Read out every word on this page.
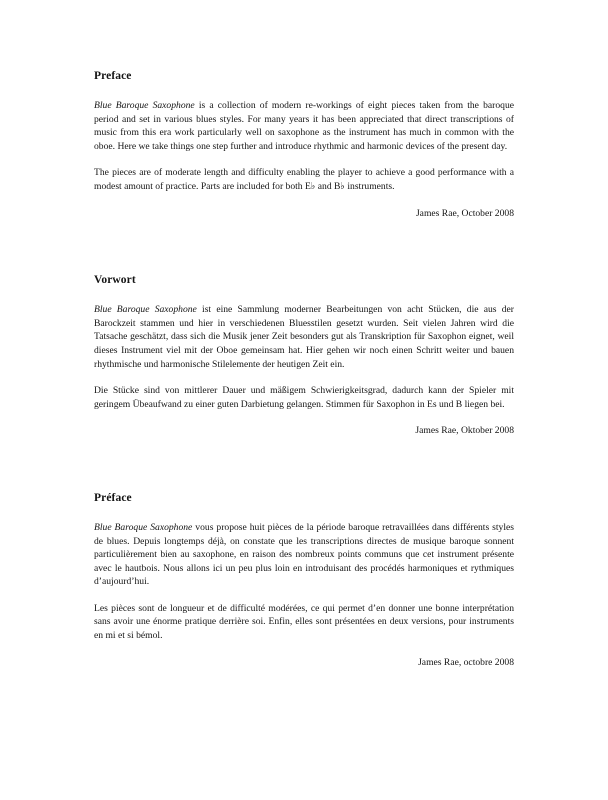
Preface

Blue Baroque Saxophone is a collection of modern re-workings of eight pieces taken from the baroque period and set in various blues styles. For many years it has been appreciated that direct transcriptions of music from this era work particularly well on saxophone as the instrument has much in common with the oboe. Here we take things one step further and introduce rhythmic and harmonic devices of the present day.

The pieces are of moderate length and difficulty enabling the player to achieve a good performance with a modest amount of practice. Parts are included for both E♭ and B♭ instruments.

James Rae, October 2008

Vorwort

Blue Baroque Saxophone ist eine Sammlung moderner Bearbeitungen von acht Stücken, die aus der Barockzeit stammen und hier in verschiedenen Bluesstilen gesetzt wurden. Seit vielen Jahren wird die Tatsache geschätzt, dass sich die Musik jener Zeit besonders gut als Transkription für Saxophon eignet, weil dieses Instrument viel mit der Oboe gemeinsam hat. Hier gehen wir noch einen Schritt weiter und bauen rhythmische und harmonische Stilelemente der heutigen Zeit ein.

Die Stücke sind von mittlerer Dauer und mäßigem Schwierigkeitsgrad, dadurch kann der Spieler mit geringem Übeaufwand zu einer guten Darbietung gelangen. Stimmen für Saxophon in Es und B liegen bei.

James Rae, Oktober 2008

Préface

Blue Baroque Saxophone vous propose huit pièces de la période baroque retravaillées dans différents styles de blues. Depuis longtemps déjà, on constate que les transcriptions directes de musique baroque sonnent particulièrement bien au saxophone, en raison des nombreux points communs que cet instrument présente avec le hautbois. Nous allons ici un peu plus loin en introduisant des procédés harmoniques et rythmiques d’aujourd’hui.

Les pièces sont de longueur et de difficulté modérées, ce qui permet d’en donner une bonne interprétation sans avoir une énorme pratique derrière soi. Enfin, elles sont présentées en deux versions, pour instruments en mi et si bémol.

James Rae, octobre 2008
